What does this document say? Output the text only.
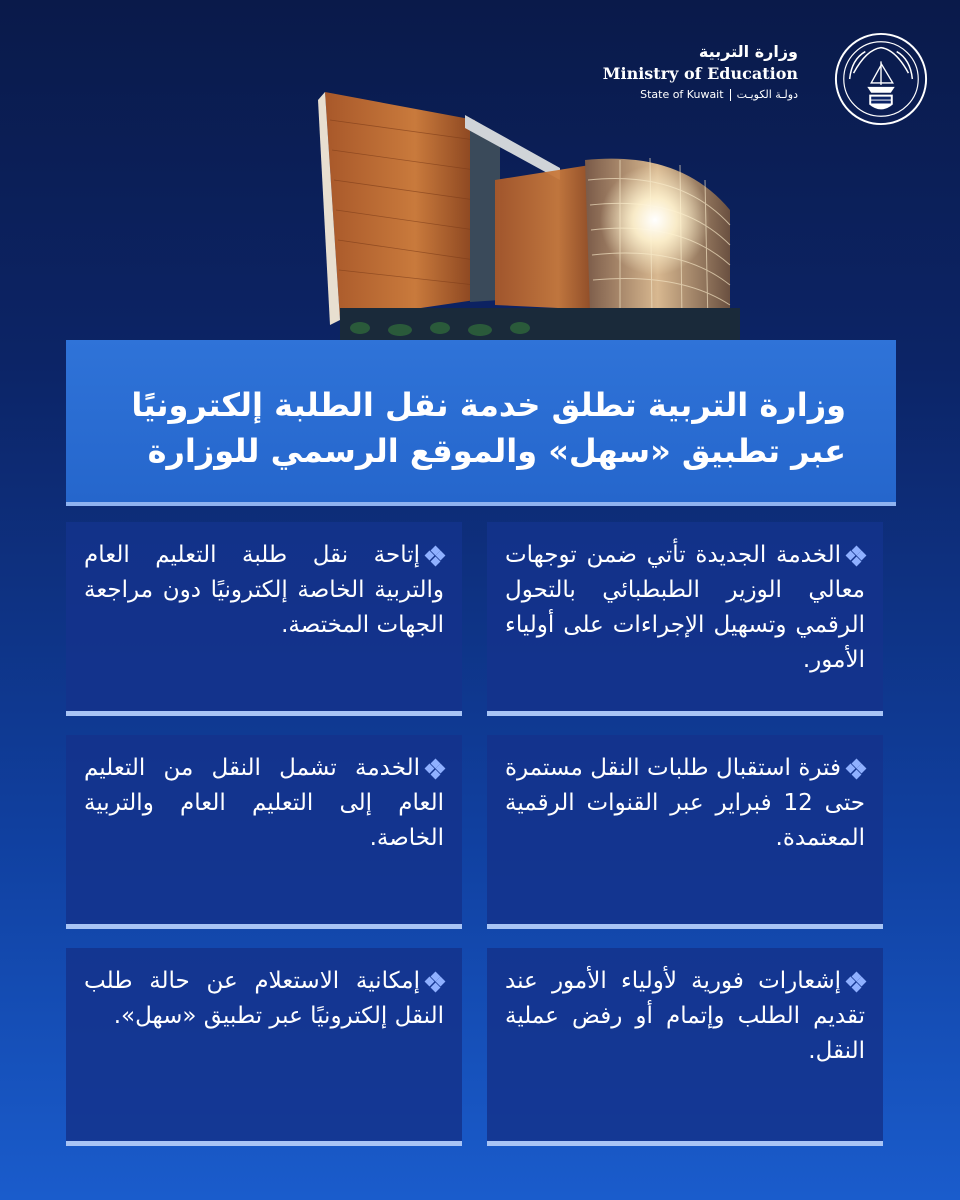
وزارة التربية
Ministry of Education
State of Kuwait دولـة الكويـت
وزارة التربية تطلق خدمة نقل الطلبة إلكترونيًا عبر تطبيق «سهل» والموقع الرسمي للوزارة
الخدمة الجديدة تأتي ضمن توجهات معالي الوزير الطبطبائي بالتحول الرقمي وتسهيل الإجراءات على أولياء الأمور.
إتاحة نقل طلبة التعليم العام والتربية الخاصة إلكترونيًا دون مراجعة الجهات المختصة.
فترة استقبال طلبات النقل مستمرة حتى 12 فبراير عبر القنوات الرقمية المعتمدة.
الخدمة تشمل النقل من التعليم العام إلى التعليم العام والتربية الخاصة.
إشعارات فورية لأولياء الأمور عند تقديم الطلب وإتمام أو رفض عملية النقل.
إمكانية الاستعلام عن حالة طلب النقل إلكترونيًا عبر تطبيق «سهل».
